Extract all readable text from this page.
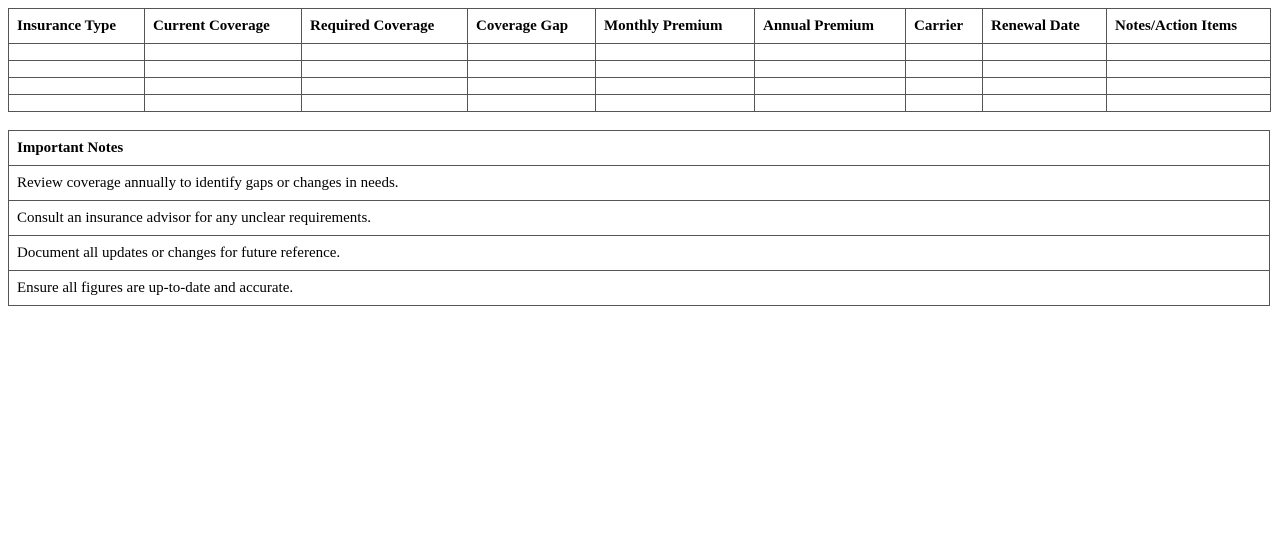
Insurance Type	Current Coverage	Required Coverage	Coverage Gap	Monthly Premium	Annual Premium	Carrier	Renewal Date	Notes/Action Items

Important Notes
Review coverage annually to identify gaps or changes in needs.
Consult an insurance advisor for any unclear requirements.
Document all updates or changes for future reference.
Ensure all figures are up-to-date and accurate.
